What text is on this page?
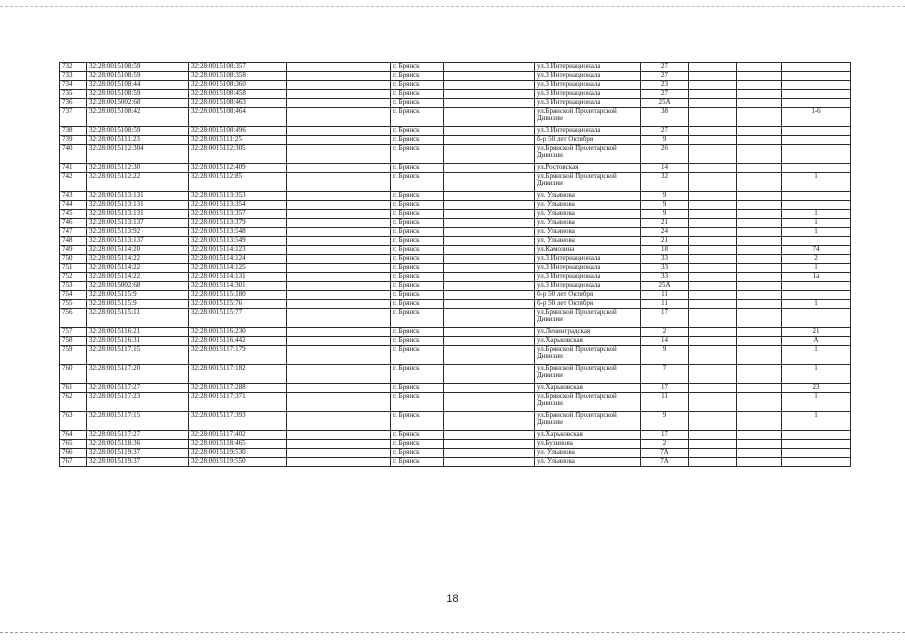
732	32:28:0015108:59	32:28:0015108:357		г. Брянск		ул.3 Интернационала	27			
733	32:28:0015108:59	32:28:0015108:358		г. Брянск		ул.3 Интернационала	27			
734	32:28:0015108:44	32:28:0015108:360		г. Брянск		ул.3 Интернационала	23			
735	32:28:0015108:59	32:28:0015108:458		г. Брянск		ул.3 Интернационала	27			
736	32:28:0015002:68	32:28:0015108:463		г. Брянск		ул.3 Интернационала	25А			
737	32:28:0015108:42	32:28:0015108:464		г. Брянск		ул.Брянской Пролетарской Дивизии	38			1-6
738	32:28:0015108:59	32:28:0015108:496		г. Брянск		ул.3 Интернационала	27			
739	32:28:0015111:23	32:28:0015111:25		г. Брянск		б-р 50 лет Октября	9			
740	32:28:0015112:304	32:28:0015112:305		г. Брянск		ул.Брянской Пролетарской Дивизии	26			
741	32:28:0015112:30	32:28:0015112:409		г. Брянск		ул.Ростовская	14			
742	32:28:0015112:22	32:28:0015112:85		г. Брянск		ул.Брянской Пролетарской Дивизии	32			1
743	32:28:0015113:131	32:28:0015113:353		г. Брянск		ул. Ульянова	9			
744	32:28:0015113:131	32:28:0015113:354		г. Брянск		ул. Ульянова	9			
745	32:28:0015113:131	32:28:0015113:357		г. Брянск		ул. Ульянова	9			1
746	32:28:0015113:137	32:28:0015113:379		г. Брянск		ул. Ульянова	21			1
747	32:28:0015113:92	32:28:0015113:548		г. Брянск		ул. Ульянова	24			1
748	32:28:0015113:137	32:28:0015113:549		г. Брянск		ул. Ульянова	21			
749	32:28:0015114:20	32:28:0015114:123		г. Брянск		ул.Камозина	18			74
750	32:28:0015114:22	32:28:0015114:124		г. Брянск		ул.3 Интернационала	33			2
751	32:28:0015114:22	32:28:0015114:125		г. Брянск		ул.3 Интернационала	33			1
752	32:28:0015114:22	32:28:0015114:131		г. Брянск		ул.3 Интернационала	33			1а
753	32:28:0015002:68	32:28:0015114:301		г. Брянск		ул.3 Интернационала	25А			
754	32:28:0015115:9	32:28:0015115:180		г. Брянск		б-р 50 лет Октября	11			
755	32:28:0015115:9	32:28:0015115:76		г. Брянск		б-р 50 лет Октября	11			1
756	32:28:0015115:11	32:28:0015115:77		г. Брянск		ул.Брянской Пролетарской Дивизии	17			
757	32:28:0015116:21	32:28:0015116:230		г. Брянск		ул.Ленинградская	2			21
758	32:28:0015116:31	32:28:0015116:442		г. Брянск		ул.Харьковская	14			А
759	32:28:0015117:15	32:28:0015117:179		г. Брянск		ул.Брянской Пролетарской Дивизии	9			1
760	32:28:0015117:20	32:28:0015117:182		г. Брянск		ул.Брянской Пролетарской Дивизии	7			1
761	32:28:0015117:27	32:28:0015117:288		г. Брянск		ул.Харьковская	17			23
762	32:28:0015117:23	32:28:0015117:371		г. Брянск		ул.Брянской Пролетарской Дивизии	11			1
763	32:28:0015117:15	32:28:0015117:393		г. Брянск		ул.Брянской Пролетарской Дивизии	9			1
764	32:28:0015117:27	32:28:0015117:402		г. Брянск		ул.Харьковская	17			
765	32:28:0015118:36	32:28:0015118:465		г. Брянск		ул.Бузинова	2			
766	32:28:0015119:37	32:28:0015119:530		г. Брянск		ул. Ульянова	7А			
767	32:28:0015119:37	32:28:0015119:550		г. Брянск		ул. Ульянова	7А			
18
